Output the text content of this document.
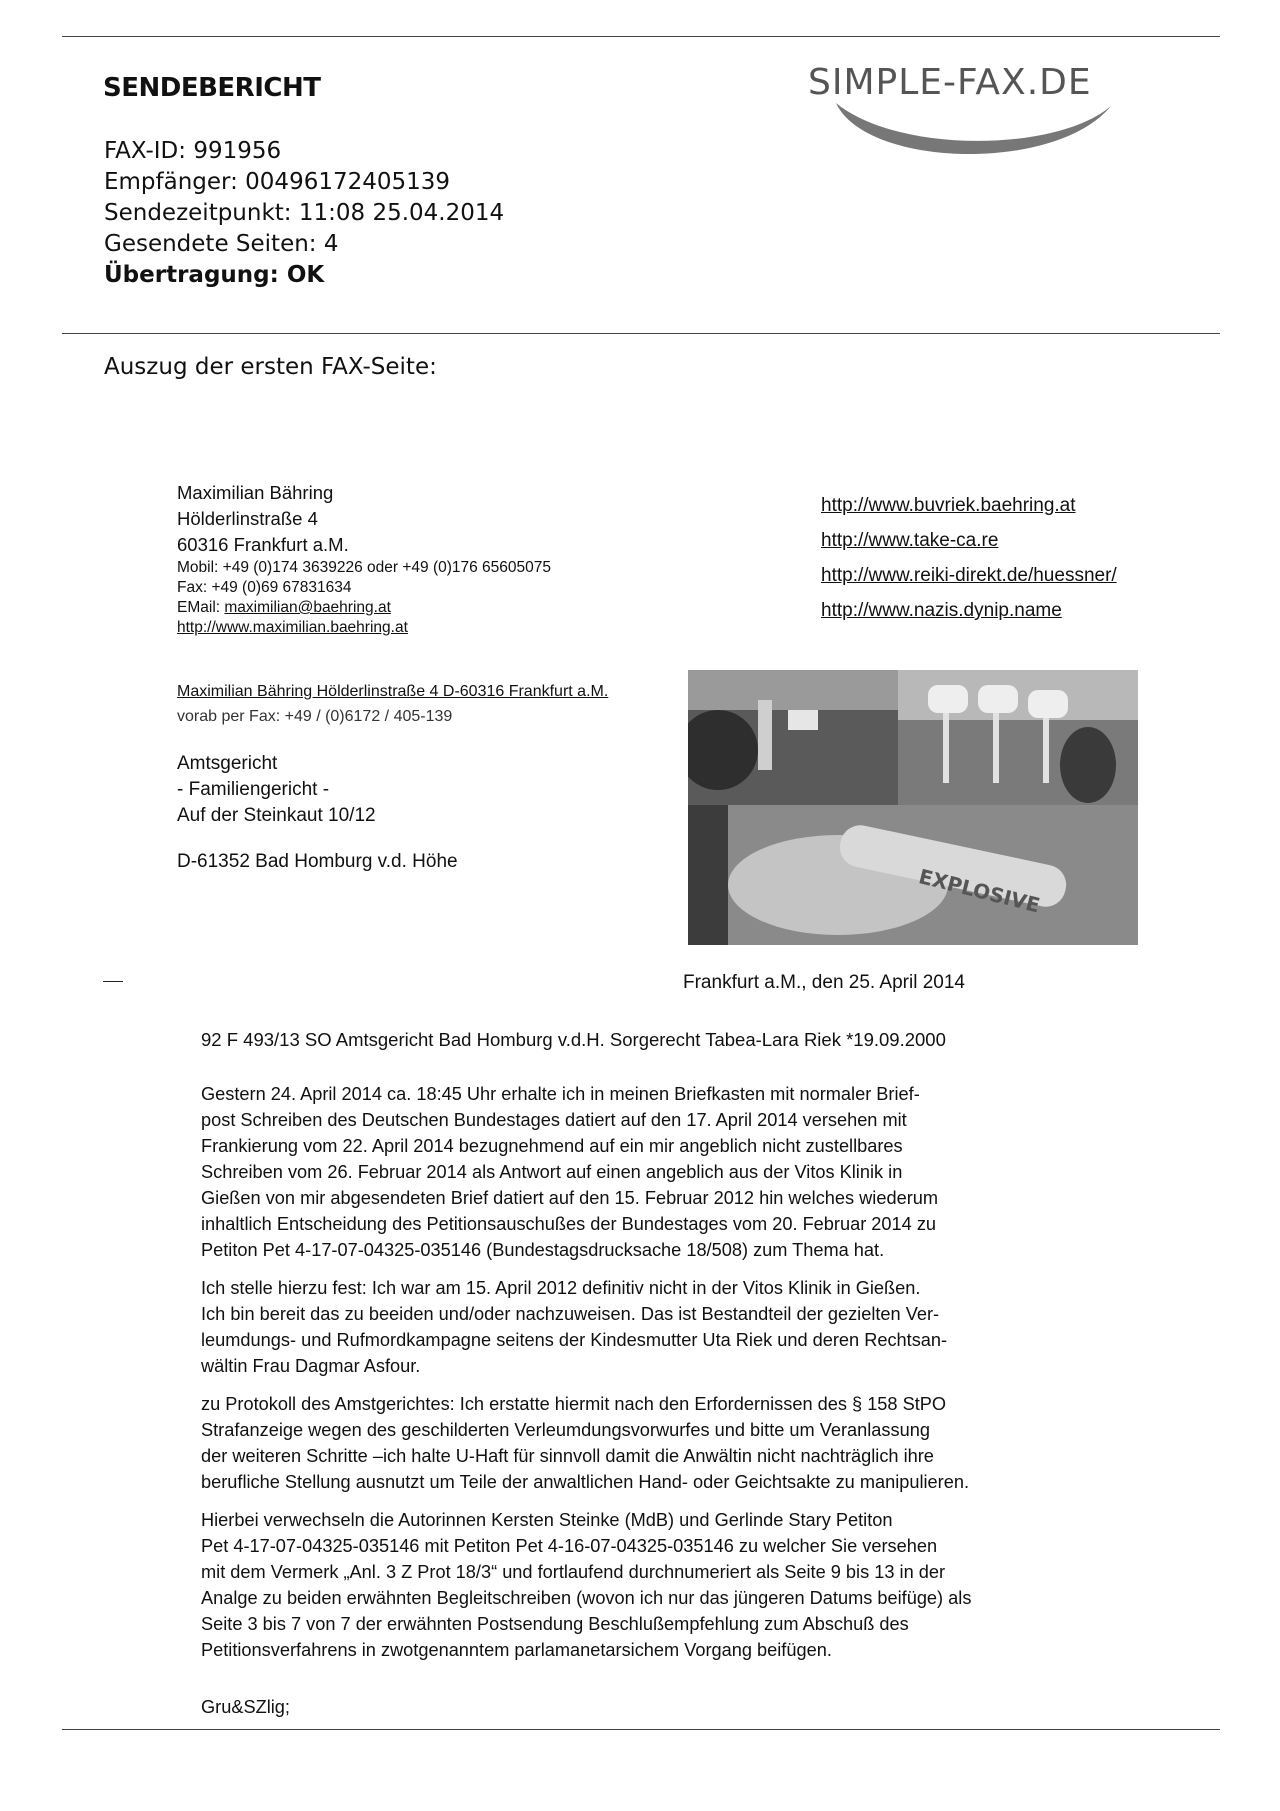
SENDEBERICHT	SIMPLE-FAX.DE
FAX-ID: 991956
Empfänger: 00496172405139
Sendezeitpunkt: 11:08 25.04.2014
Gesendete Seiten: 4
Übertragung: OK
Auszug der ersten FAX-Seite:
Maximilian Bähring
Hölderlinstraße 4
60316 Frankfurt a.M.
Mobil: +49 (0)174 3639226 oder +49 (0)176 65605075
Fax: +49 (0)69 67831634
EMail: maximilian@baehring.at
http://www.maximilian.baehring.at
http://www.buvriek.baehring.at
http://www.take-ca.re
http://www.reiki-direkt.de/huessner/
http://www.nazis.dynip.name
Maximilian Bähring Hölderlinstraße 4 D-60316 Frankfurt a.M.
vorab per Fax: +49 / (0)6172 / 405-139
Amtsgericht
- Familiengericht -
Auf der Steinkaut 10/12
D-61352 Bad Homburg v.d. Höhe
EXPLOSIVE
Frankfurt a.M., den 25. April 2014
92 F 493/13 SO Amtsgericht Bad Homburg v.d.H. Sorgerecht Tabea-Lara Riek *19.09.2000

Gestern 24. April 2014 ca. 18:45 Uhr erhalte ich in meinen Briefkasten mit normaler Brief-
post Schreiben des Deutschen Bundestages datiert auf den 17. April 2014 versehen mit
Frankierung vom 22. April 2014 bezugnehmend auf ein mir angeblich nicht zustellbares
Schreiben vom 26. Februar 2014 als Antwort auf einen angeblich aus der Vitos Klinik in
Gießen von mir abgesendeten Brief datiert auf den 15. Februar 2012 hin welches wiederum
inhaltlich Entscheidung des Petitionsauschußes der Bundestages vom 20. Februar 2014 zu
Petiton Pet 4-17-07-04325-035146 (Bundestagsdrucksache 18/508) zum Thema hat.

Ich stelle hierzu fest: Ich war am 15. April 2012 definitiv nicht in der Vitos Klinik in Gießen.
Ich bin bereit das zu beeiden und/oder nachzuweisen. Das ist Bestandteil der gezielten Ver-
leumdungs- und Rufmordkampagne seitens der Kindesmutter Uta Riek und deren Rechtsan-
wältin Frau Dagmar Asfour.

zu Protokoll des Amstgerichtes: Ich erstatte hiermit nach den Erfordernissen des § 158 StPO
Strafanzeige wegen des geschilderten Verleumdungsvorwurfes und bitte um Veranlassung
der weiteren Schritte –ich halte U-Haft für sinnvoll damit die Anwältin nicht nachträglich ihre
berufliche Stellung ausnutzt um Teile der anwaltlichen Hand- oder Geichtsakte zu manipulieren.

Hierbei verwechseln die Autorinnen Kersten Steinke (MdB) und Gerlinde Stary Petiton
Pet 4-17-07-04325-035146 mit Petiton Pet 4-16-07-04325-035146 zu welcher Sie versehen
mit dem Vermerk „Anl. 3 Z Prot 18/3“ und fortlaufend durchnumeriert als Seite 9 bis 13 in der
Analge zu beiden erwähnten Begleitschreiben (wovon ich nur das jüngeren Datums beifüge) als
Seite 3 bis 7 von 7 der erwähnten Postsendung Beschlußempfehlung zum Abschuß des
Petitionsverfahrens in zwotgenanntem parlamanetarsichem Vorgang beifügen.

Gru&SZlig;
